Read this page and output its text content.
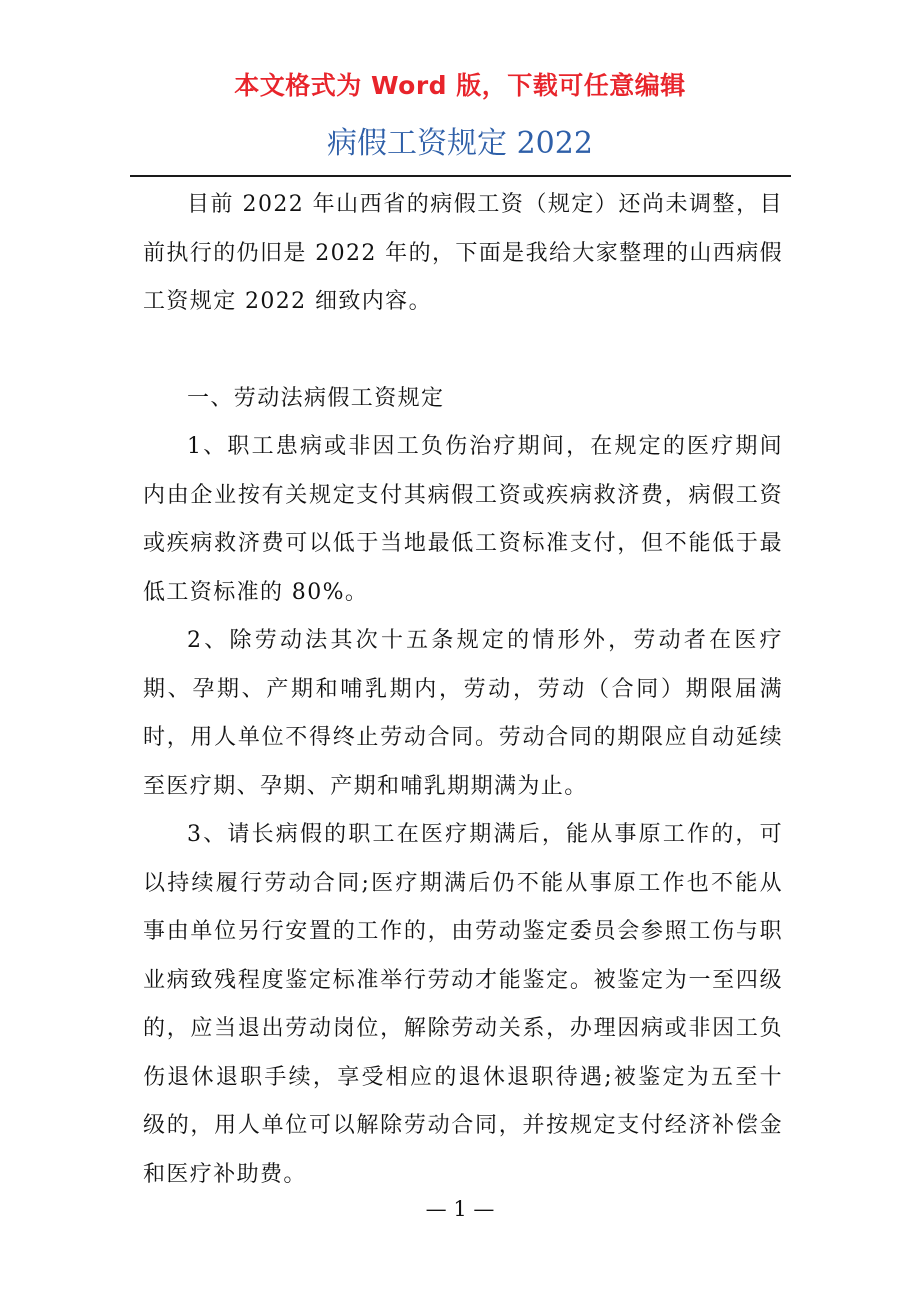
本文格式为 Word 版，下载可任意编辑
病假工资规定 2022

目前 2022 年山西省的病假工资（规定）还尚未调整，目前执行的仍旧是 2022 年的，下面是我给大家整理的山西病假工资规定 2022 细致内容。

一、劳动法病假工资规定

1、职工患病或非因工负伤治疗期间，在规定的医疗期间内由企业按有关规定支付其病假工资或疾病救济费，病假工资或疾病救济费可以低于当地最低工资标准支付，但不能低于最低工资标准的 80%。

2、除劳动法其次十五条规定的情形外，劳动者在医疗期、孕期、产期和哺乳期内，劳动，劳动（合同）期限届满时，用人单位不得终止劳动合同。劳动合同的期限应自动延续至医疗期、孕期、产期和哺乳期期满为止。

3、请长病假的职工在医疗期满后，能从事原工作的，可以持续履行劳动合同;医疗期满后仍不能从事原工作也不能从事由单位另行安置的工作的，由劳动鉴定委员会参照工伤与职业病致残程度鉴定标准举行劳动才能鉴定。被鉴定为一至四级的，应当退出劳动岗位，解除劳动关系，办理因病或非因工负伤退休退职手续，享受相应的退休退职待遇;被鉴定为五至十级的，用人单位可以解除劳动合同，并按规定支付经济补偿金和医疗补助费。

— 1 —
